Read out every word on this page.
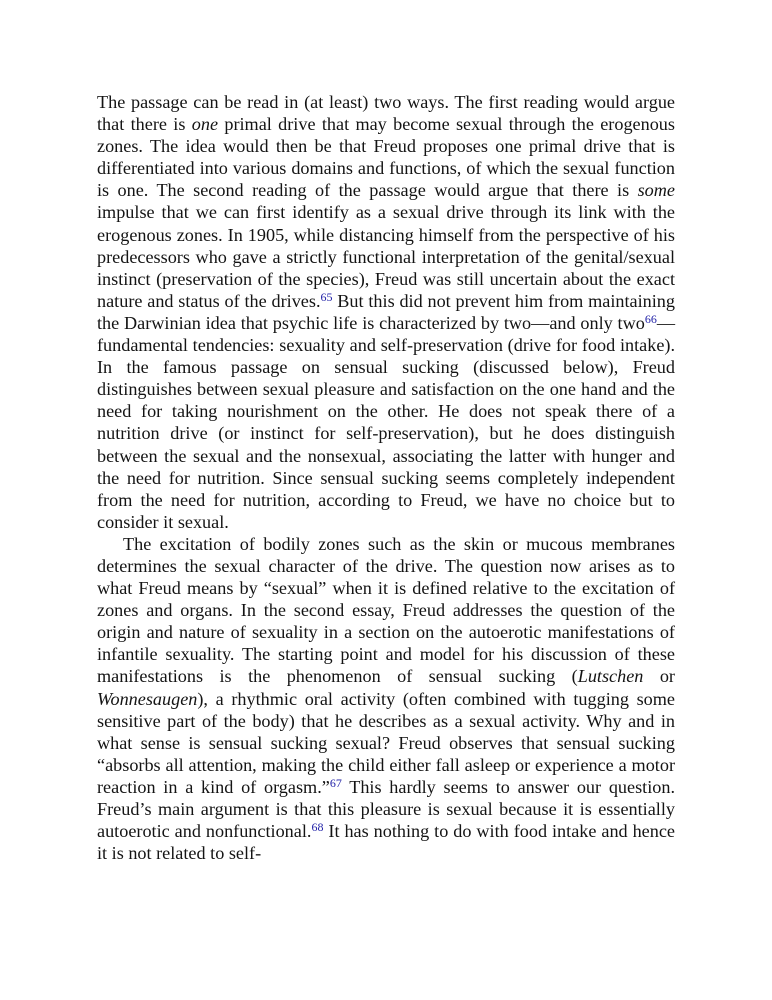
The passage can be read in (at least) two ways. The first reading would argue that there is one primal drive that may become sexual through the erogenous zones. The idea would then be that Freud proposes one primal drive that is differentiated into various domains and functions, of which the sexual function is one. The second reading of the passage would argue that there is some impulse that we can first identify as a sexual drive through its link with the erogenous zones. In 1905, while distancing himself from the perspective of his predecessors who gave a strictly functional interpretation of the genital/sexual instinct (preservation of the species), Freud was still uncertain about the exact nature and status of the drives.$^{65}$ But this did not prevent him from maintaining the Darwinian idea that psychic life is characterized by two—and only two$^{66}$—fundamental tendencies: sexuality and self-preservation (drive for food intake). In the famous passage on sensual sucking (discussed below), Freud distinguishes between sexual pleasure and satisfaction on the one hand and the need for taking nourishment on the other. He does not speak there of a nutrition drive (or instinct for self-preservation), but he does distinguish between the sexual and the nonsexual, associating the latter with hunger and the need for nutrition. Since sensual sucking seems completely independent from the need for nutrition, according to Freud, we have no choice but to consider it sexual.

The excitation of bodily zones such as the skin or mucous membranes determines the sexual character of the drive. The question now arises as to what Freud means by “sexual” when it is defined relative to the excitation of zones and organs. In the second essay, Freud addresses the question of the origin and nature of sexuality in a section on the autoerotic manifestations of infantile sexuality. The starting point and model for his discussion of these manifestations is the phenomenon of sensual sucking (Lutschen or Wonnesaugen), a rhythmic oral activity (often combined with tugging some sensitive part of the body) that he describes as a sexual activity. Why and in what sense is sensual sucking sexual? Freud observes that sensual sucking “absorbs all attention, making the child either fall asleep or experience a motor reaction in a kind of orgasm.”$^{67}$ This hardly seems to answer our question. Freud’s main argument is that this pleasure is sexual because it is essentially autoerotic and nonfunctional.$^{68}$ It has nothing to do with food intake and hence it is not related to self-
